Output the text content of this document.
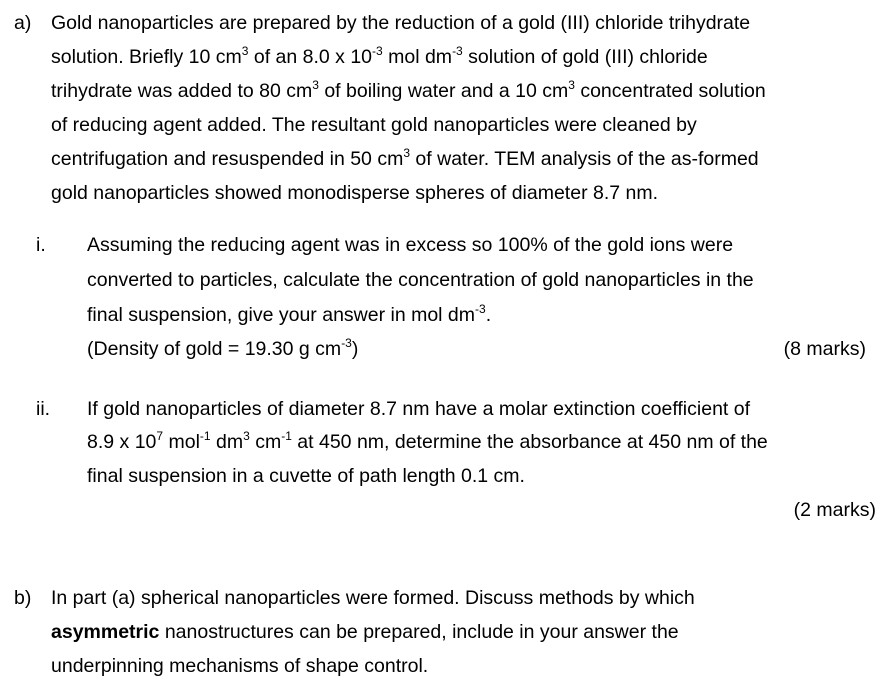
a) Gold nanoparticles are prepared by the reduction of a gold (III) chloride trihydrate
solution. Briefly 10 $cm^3$ of an 8.0 x $10^{-3}$ mol $dm^{-3}$ solution of gold (III) chloride
trihydrate was added to 80 $cm^3$ of boiling water and a 10 $cm^3$ concentrated solution
of reducing agent added. The resultant gold nanoparticles were cleaned by
centrifugation and resuspended in 50 $cm^3$ of water. TEM analysis of the as-formed
gold nanoparticles showed monodisperse spheres of diameter 8.7 nm.
i. Assuming the reducing agent was in excess so 100% of the gold ions were
converted to particles, calculate the concentration of gold nanoparticles in the
final suspension, give your answer in mol $dm^{-3}$.
(Density of gold = 19.30 g $cm^{-3}$)	(8 marks)
ii. If gold nanoparticles of diameter 8.7 nm have a molar extinction coefficient of
8.9 x $10^7$ mol$^{-1}$ $dm^3$ $cm^{-1}$ at 450 nm, determine the absorbance at 450 nm of the
final suspension in a cuvette of path length 0.1 cm.
(2 marks)
b) In part (a) spherical nanoparticles were formed. Discuss methods by which
asymmetric nanostructures can be prepared, include in your answer the
underpinning mechanisms of shape control.
